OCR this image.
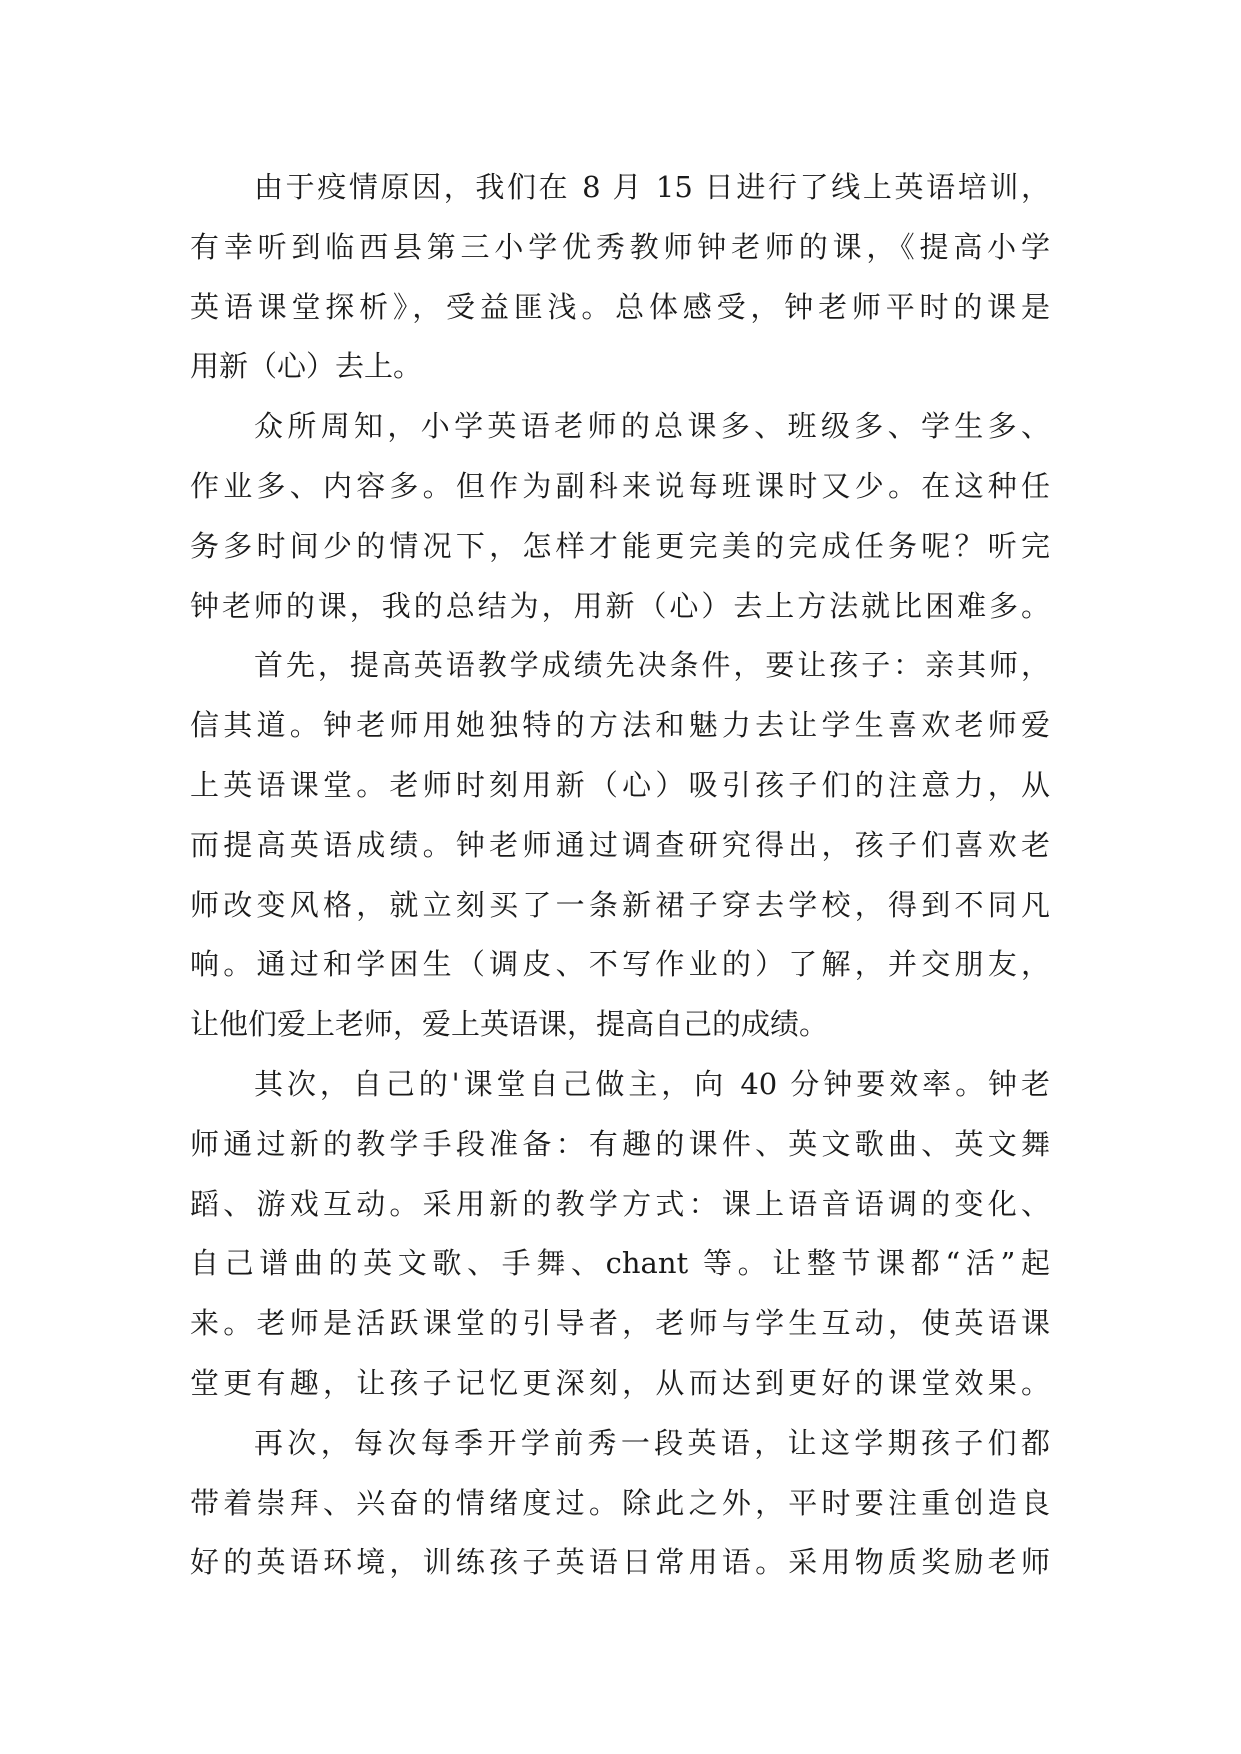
由于疫情原因，我们在 8 月 15 日进行了线上英语培训，
有幸听到临西县第三小学优秀教师钟老师的课，《提高小学
英语课堂探析》，受益匪浅。总体感受，钟老师平时的课是
用新（心）去上。
众所周知，小学英语老师的总课多、班级多、学生多、
作业多、内容多。但作为副科来说每班课时又少。在这种任
务多时间少的情况下，怎样才能更完美的完成任务呢？听完
钟老师的课，我的总结为，用新（心）去上方法就比困难多。
首先，提高英语教学成绩先决条件，要让孩子：亲其师，
信其道。钟老师用她独特的方法和魅力去让学生喜欢老师爱
上英语课堂。老师时刻用新（心）吸引孩子们的注意力，从
而提高英语成绩。钟老师通过调查研究得出，孩子们喜欢老
师改变风格，就立刻买了一条新裙子穿去学校，得到不同凡
响。通过和学困生（调皮、不写作业的）了解，并交朋友，
让他们爱上老师，爱上英语课，提高自己的成绩。
其次，自己的'课堂自己做主，向 40 分钟要效率。钟老
师通过新的教学手段准备：有趣的课件、英文歌曲、英文舞
蹈、游戏互动。采用新的教学方式：课上语音语调的变化、
自己谱曲的英文歌、手舞、chant 等。让整节课都“活”起
来。老师是活跃课堂的引导者，老师与学生互动，使英语课
堂更有趣，让孩子记忆更深刻，从而达到更好的课堂效果。
再次，每次每季开学前秀一段英语，让这学期孩子们都
带着崇拜、兴奋的情绪度过。除此之外，平时要注重创造良
好的英语环境，训练孩子英语日常用语。采用物质奖励老师
